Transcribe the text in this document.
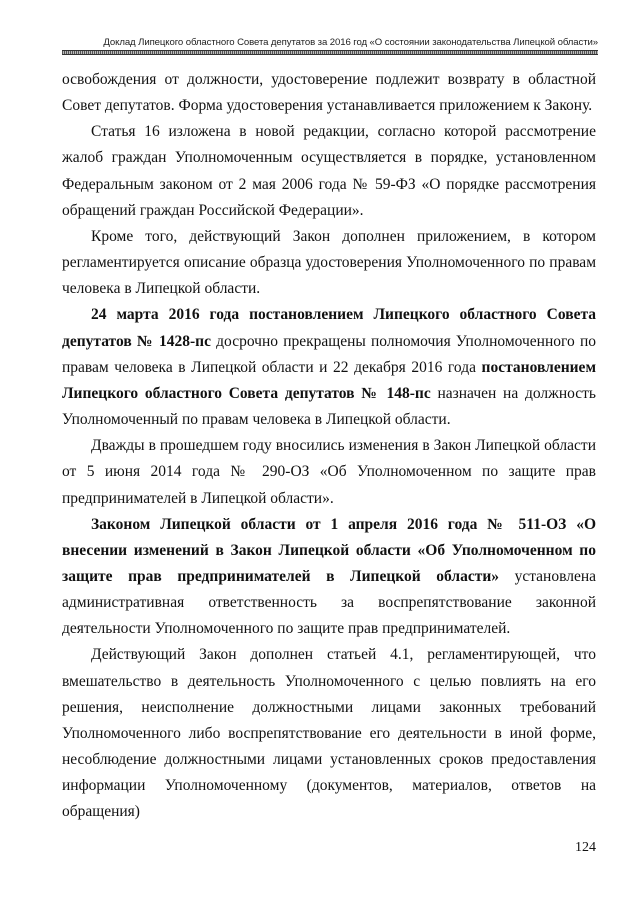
Доклад Липецкого областного Совета депутатов за 2016 год «О состоянии законодательства Липецкой области»

освобождения от должности, удостоверение подлежит возврату в областной Совет депутатов. Форма удостоверения устанавливается приложением к Закону.

Статья 16 изложена в новой редакции, согласно которой рассмотрение жалоб граждан Уполномоченным осуществляется в порядке, установленном Федеральным законом от 2 мая 2006 года № 59-ФЗ «О порядке рассмотрения обращений граждан Российской Федерации».

Кроме того, действующий Закон дополнен приложением, в котором регламентируется описание образца удостоверения Уполномоченного по правам человека в Липецкой области.

24 марта 2016 года постановлением Липецкого областного Совета депутатов № 1428-пс досрочно прекращены полномочия Уполномоченного по правам человека в Липецкой области и 22 декабря 2016 года постановлением Липецкого областного Совета депутатов № 148-пс назначен на должность Уполномоченный по правам человека в Липецкой области.

Дважды в прошедшем году вносились изменения в Закон Липецкой области от 5 июня 2014 года № 290-ОЗ «Об Уполномоченном по защите прав предпринимателей в Липецкой области».

Законом Липецкой области от 1 апреля 2016 года № 511-ОЗ «О внесении изменений в Закон Липецкой области «Об Уполномоченном по защите прав предпринимателей в Липецкой области» установлена административная ответственность за воспрепятствование законной деятельности Уполномоченного по защите прав предпринимателей.

Действующий Закон дополнен статьей 4.1, регламентирующей, что вмешательство в деятельность Уполномоченного с целью повлиять на его решения, неисполнение должностными лицами законных требований Уполномоченного либо воспрепятствование его деятельности в иной форме, несоблюдение должностными лицами установленных сроков предоставления информации Уполномоченному (документов, материалов, ответов на обращения)

124
